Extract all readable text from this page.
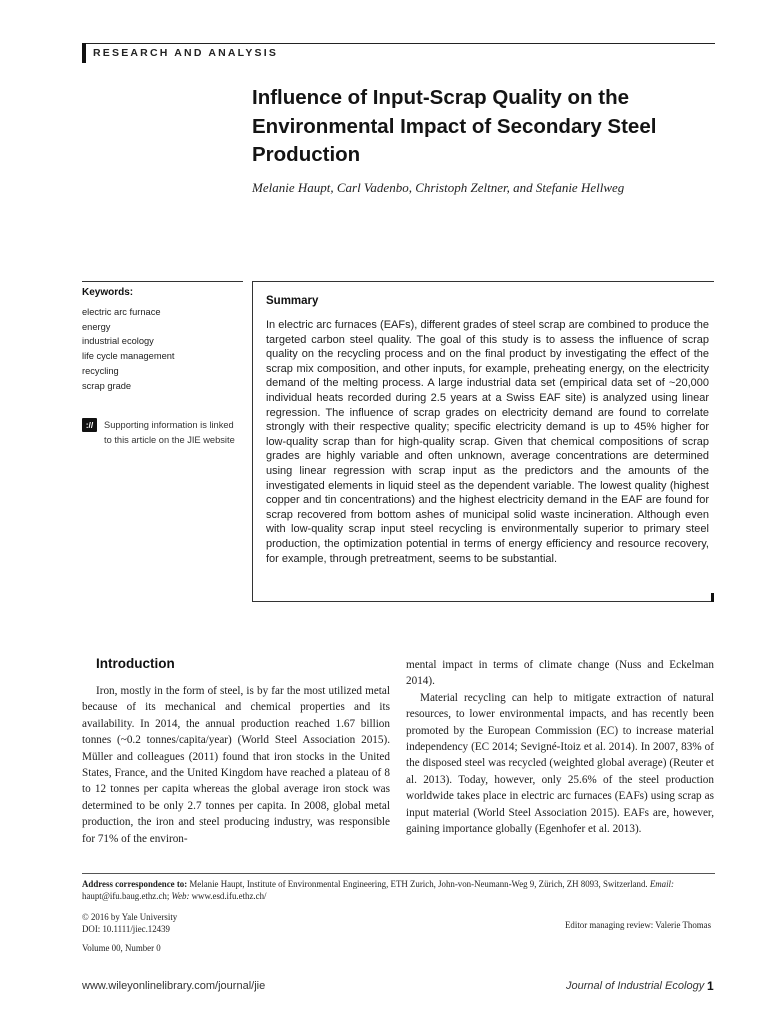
RESEARCH AND ANALYSIS
Influence of Input-Scrap Quality on the Environmental Impact of Secondary Steel Production
Melanie Haupt, Carl Vadenbo, Christoph Zeltner, and Stefanie Hellweg
Keywords:
electric arc furnace
energy
industrial ecology
life cycle management
recycling
scrap grade
://	Supporting information is linked to this article on the JIE website
Summary
In electric arc furnaces (EAFs), different grades of steel scrap are combined to produce the targeted carbon steel quality. The goal of this study is to assess the influence of scrap quality on the recycling process and on the final product by investigating the effect of the scrap mix composition, and other inputs, for example, preheating energy, on the electricity demand of the melting process. A large industrial data set (empirical data set of ~20,000 individual heats recorded during 2.5 years at a Swiss EAF site) is analyzed using linear regression. The influence of scrap grades on electricity demand are found to correlate strongly with their respective quality; specific electricity demand is up to 45% higher for low-quality scrap than for high-quality scrap. Given that chemical compositions of scrap grades are highly variable and often unknown, average concentrations are determined using linear regression with scrap input as the predictors and the amounts of the investigated elements in liquid steel as the dependent variable. The lowest quality (highest copper and tin concentrations) and the highest electricity demand in the EAF are found for scrap recovered from bottom ashes of municipal solid waste incineration. Although even with low-quality scrap input steel recycling is environmentally superior to primary steel production, the optimization potential in terms of energy efficiency and resource recovery, for example, through pretreatment, seems to be substantial.
Introduction

Iron, mostly in the form of steel, is by far the most utilized metal because of its mechanical and chemical properties and its availability. In 2014, the annual production reached 1.67 billion tonnes (~0.2 tonnes/capita/year) (World Steel Association 2015). Müller and colleagues (2011) found that iron stocks in the United States, France, and the United Kingdom have reached a plateau of 8 to 12 tonnes per capita whereas the global average iron stock was determined to be only 2.7 tonnes per capita. In 2008, global metal production, the iron and steel producing industry, was responsible for 71% of the environ-

mental impact in terms of climate change (Nuss and Eckelman 2014).

Material recycling can help to mitigate extraction of natural resources, to lower environmental impacts, and has recently been promoted by the European Commission (EC) to increase material independency (EC 2014; Sevigné-Itoiz et al. 2014). In 2007, 83% of the disposed steel was recycled (weighted global average) (Reuter et al. 2013). Today, however, only 25.6% of the steel production worldwide takes place in electric arc furnaces (EAFs) using scrap as input material (World Steel Association 2015). EAFs are, however, gaining importance globally (Egenhofer et al. 2013).

Address correspondence to: Melanie Haupt, Institute of Environmental Engineering, ETH Zurich, John-von-Neumann-Weg 9, Zürich, ZH 8093, Switzerland. Email: haupt@ifu.baug.ethz.ch; Web: www.esd.ifu.ethz.ch/
© 2016 by Yale University
DOI: 10.1111/jiec.12439	Editor managing review: Valerie Thomas
Volume 00, Number 0
www.wileyonlinelibrary.com/journal/jie	Journal of Industrial Ecology 1
